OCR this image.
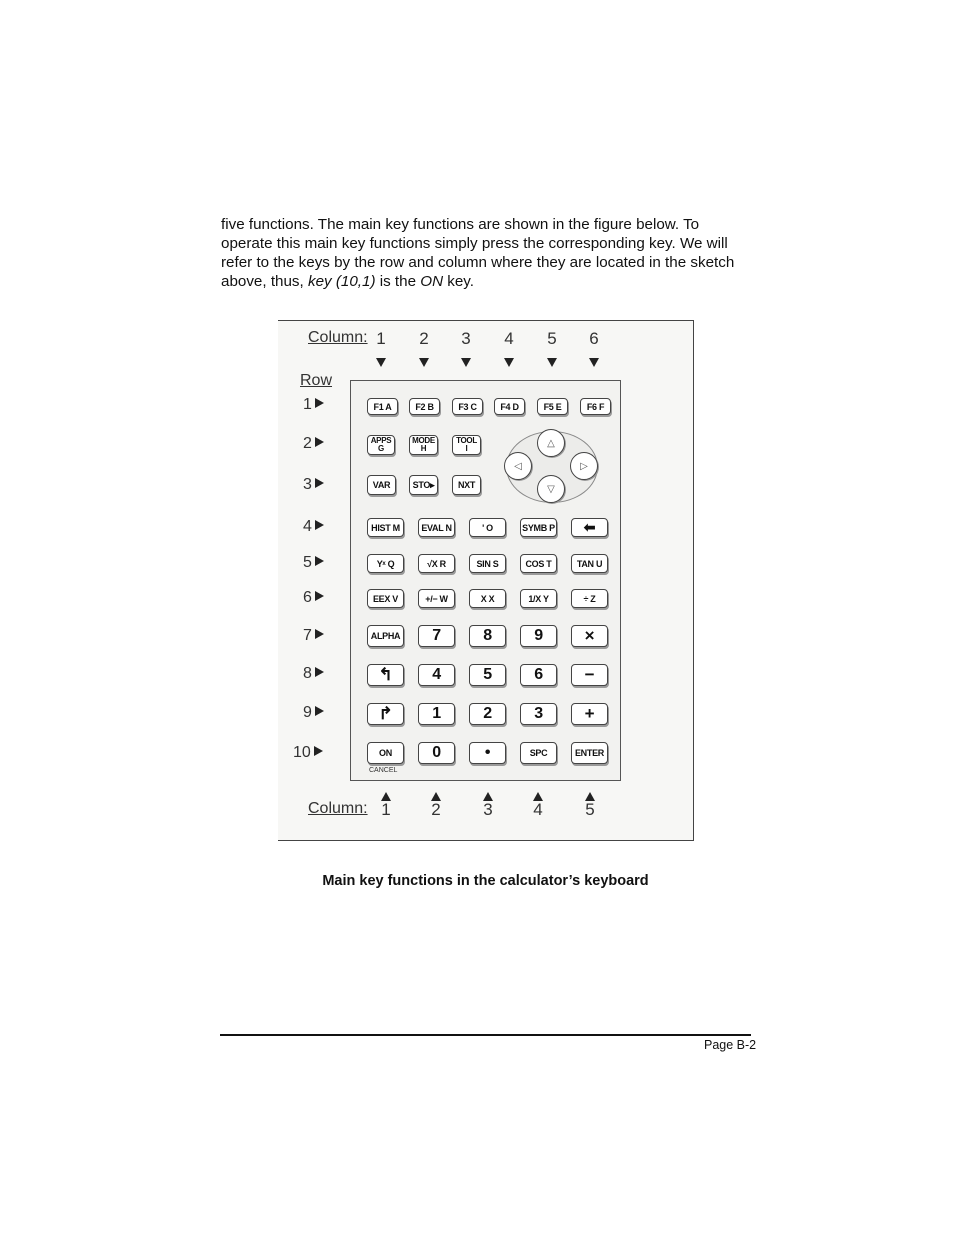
five functions. The main key functions are shown in the figure below. To
operate this main key functions simply press the corresponding key. We will
refer to the keys by the row and column where they are located in the sketch
above, thus, key (10,1) is the ON key.

Column: 1	2	3	4	5	6
Row
1
2
3
4
5
6
7
8
9
10
F1 A	F2 B	F3 C	F4 D	F5 E	F6 F
APPS
G
MODE
H
TOOL
I
VAR	STO▸	NXT
△
◁	▷
▽
HIST M	EVAL N	' O	SYMB P	⬅
Yˣ Q	√X R	SIN S	COS T	TAN U
EEX V	+/− W	X X	1/X Y	÷ Z
ALPHA	7	8	9	×
↰	4	5	6	−
↱	1	2	3	+
ON
CANCEL
0	•	SPC	ENTER
Column: 1	2	3	4	5
Main key functions in the calculator’s keyboard
Page B-2
